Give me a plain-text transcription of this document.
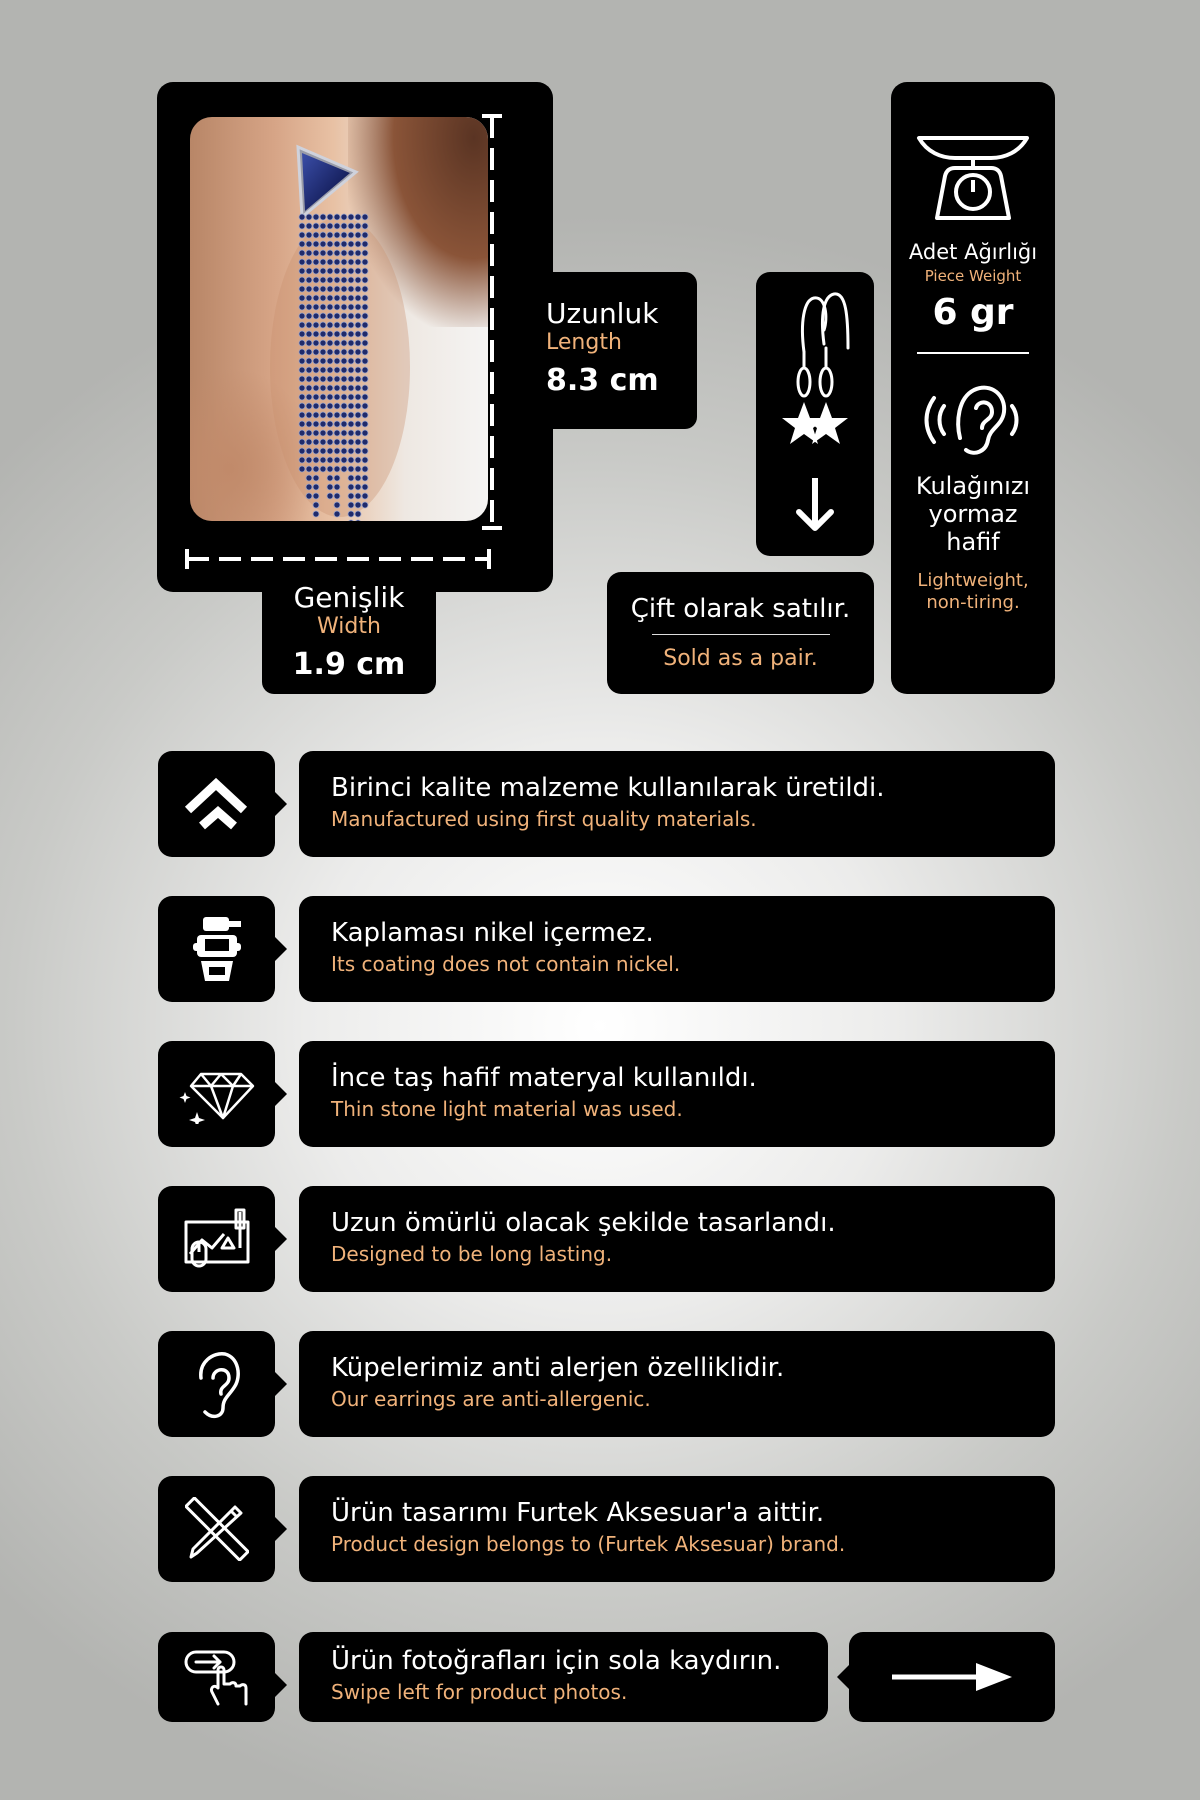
Uzunluk
Length
8.3 cm
Genişlik
Width
1.9 cm
Çift olarak satılır.
Sold as a pair.
Adet Ağırlığı
Piece Weight
6 gr
Kulağınızı
yormaz
hafif
Lightweight,
non-tiring.
Birinci kalite malzeme kullanılarak üretildi.
Manufactured using first quality materials.
Kaplaması nikel içermez.
Its coating does not contain nickel.
İnce taş hafif materyal kullanıldı.
Thin stone light material was used.
Uzun ömürlü olacak şekilde tasarlandı.
Designed to be long lasting.
Küpelerimiz anti alerjen özelliklidir.
Our earrings are anti-allergenic.
Ürün tasarımı Furtek Aksesuar'a aittir.
Product design belongs to (Furtek Aksesuar) brand.
Ürün fotoğrafları için sola kaydırın.
Swipe left for product photos.
